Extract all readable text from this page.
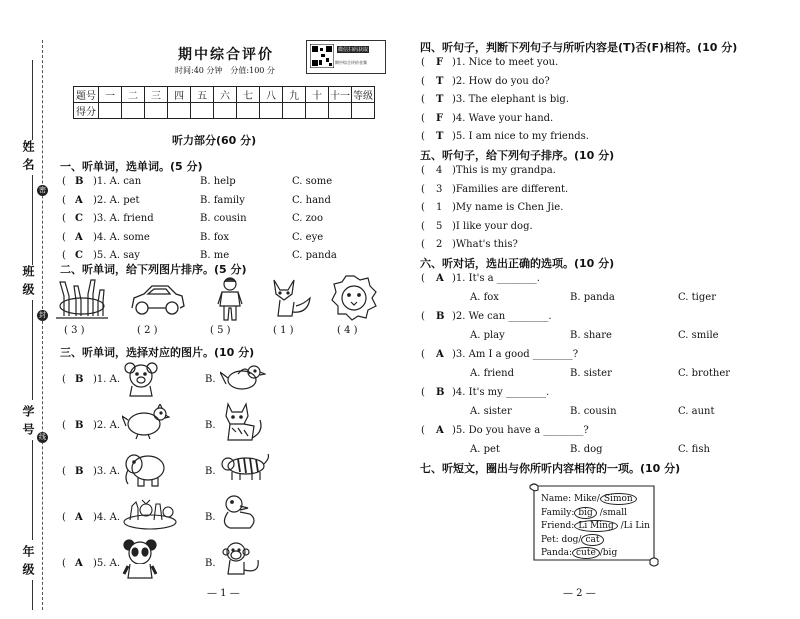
姓名
班级
学号
年级
密
封
线
期中综合评价
时间:40 分钟　分值:100 分
微信扫码获取
期中综合评价音频
题号	一	二	三	四	五	六	七	八	九	十	十一	等级
得分												
听力部分(60 分)
一、听单词，选单词。(5 分)
( B )1. A. can	B. help	C. some
( A )2. A. pet	B. family	C. hand
( C )3. A. friend	B. cousin	C. zoo
( A )4. A. some	B. fox	C. eye
( C )5. A. say	B. me	C. panda
二、听单词，给下列图片排序。(5 分)
( 3 )	( 2 )	( 5 )	( 1 )	( 4 )
三、听单词，选择对应的图片。(10 分)
( B )1. A.	B.
( B )2. A.	B.
( B )3. A.	B.
( A )4. A.	B.
( A )5. A.	B.
— 1 —
四、听句子，判断下列句子与所听内容是(T)否(F)相符。(10 分)
( F )1. Nice to meet you.
( T )2. How do you do?
( T )3. The elephant is big.
( F )4. Wave your hand.
( T )5. I am nice to my friends.
五、听句子，给下列句子排序。(10 分)
( 4 )This is my grandpa.
( 3 )Families are different.
( 1 )My name is Chen Jie.
( 5 )I like your dog.
( 2 )What's this?
六、听对话，选出正确的选项。(10 分)
( A )1. It's a ________.
A. fox	B. panda	C. tiger
( B )2. We can ________.
A. play	B. share	C. smile
( A )3. Am I a good ________?
A. friend	B. sister	C. brother
( B )4. It's my ________.
A. sister	B. cousin	C. aunt
( A )5. Do you have a ________?
A. pet	B. dog	C. fish
七、听短文，圈出与你所听内容相符的一项。(10 分)
Name: Mike/ Simon
Family: big /small
Friend: Li Ming /Li Lin
Pet: dog/ cat
Panda: cute /big
— 2 —
